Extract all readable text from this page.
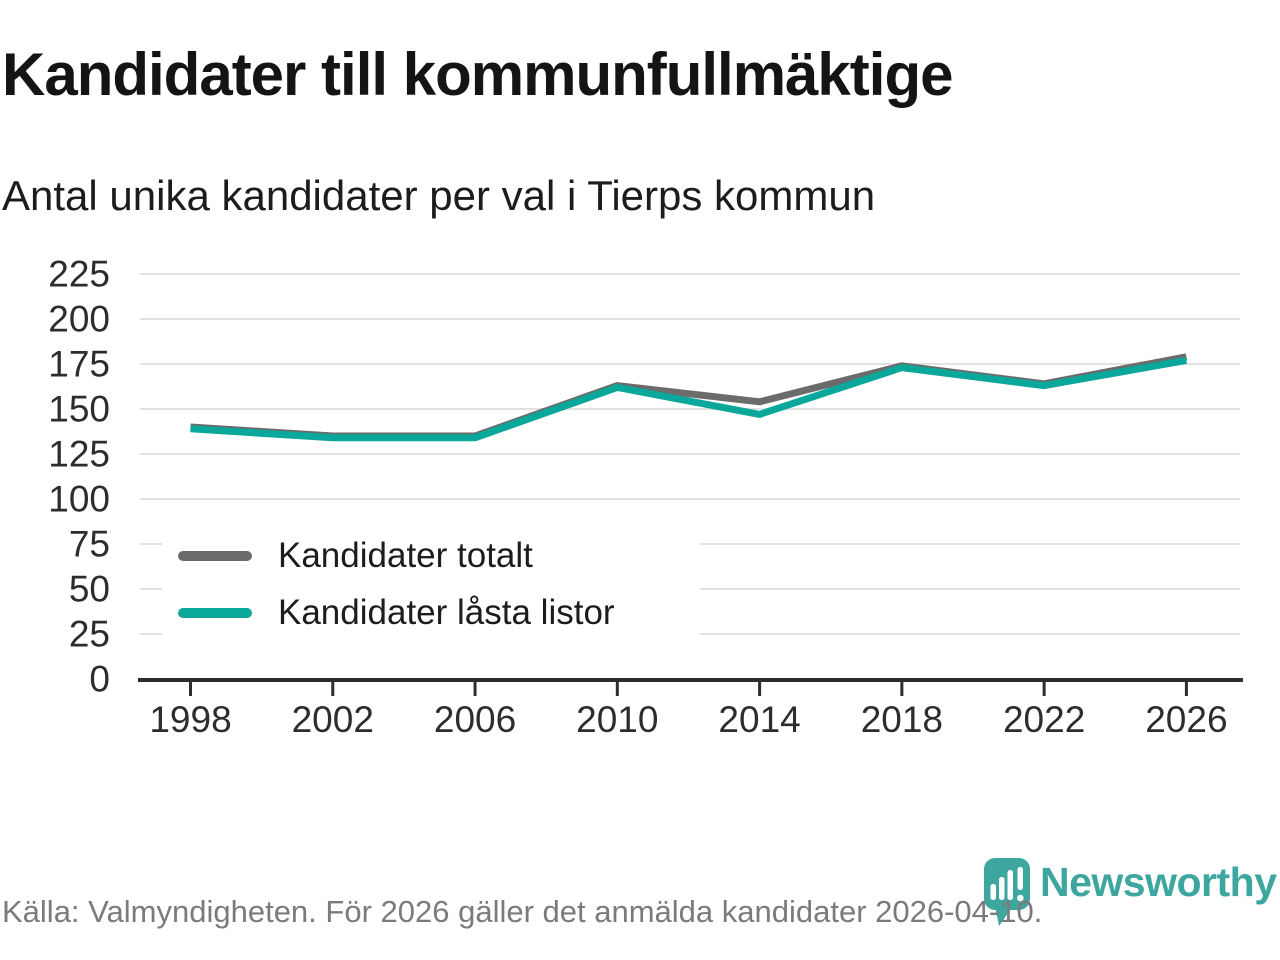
Kandidater till kommunfullmäktige
Antal unika kandidater per val i Tierps kommun
0
25
50
75
100
125
150
175
200
225
1998 2002 2006 2010 2014 2018 2022 2026
Kandidater totalt
Kandidater låsta listor
Källa: Valmyndigheten. För 2026 gäller det anmälda kandidater 2026-04-10.
Newsworthy
